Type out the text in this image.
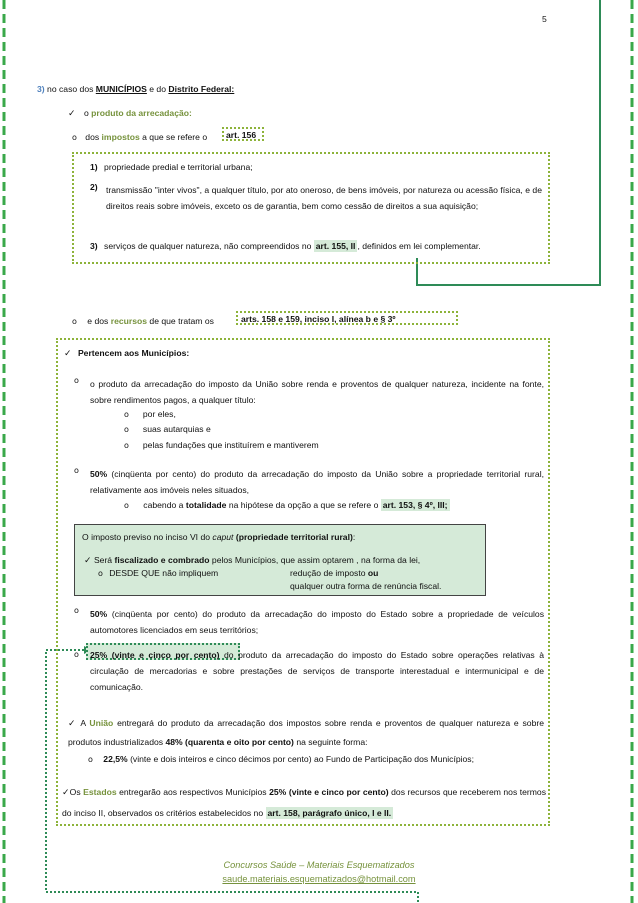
5
3) no caso dos MUNICÍPIOS e do Distrito Federal:
✓ o produto da arrecadação:
o dos impostos a que se refere o	art. 156
1) propriedade predial e territorial urbana;
2) transmissão "inter vivos", a qualquer título, por ato oneroso, de bens imóveis, por natureza ou acessão física, e de direitos reais sobre imóveis, exceto os de garantia, bem como cessão de direitos a sua aquisição;
3) serviços de qualquer natureza, não compreendidos no art. 155, II , definidos em lei complementar.
o e dos recursos de que tratam os	arts. 158 e 159, inciso I, alínea b e § 3º
✓ Pertencem aos Municípios:
o o produto da arrecadação do imposto da União sobre renda e proventos de qualquer natureza, incidente na fonte, sobre rendimentos pagos, a qualquer título:
o por eles,
o suas autarquias e
o pelas fundações que instituírem e mantiverem
o 50% (cinqüenta por cento) do produto da arrecadação do imposto da União sobre a propriedade territorial rural, relativamente aos imóveis neles situados,
o cabendo a totalidade na hipótese da opção a que se refere o art. 153, § 4º, III;
O imposto previso no inciso VI do caput (propriedade territorial rural):
✓ Será fiscalizado e combrado pelos Municípios, que assim optarem , na forma da lei,
o DESDE QUE não impliquem	redução de imposto ou
qualquer outra forma de renúncia fiscal.
o 50% (cinqüenta por cento) do produto da arrecadação do imposto do Estado sobre a propriedade de veículos automotores licenciados em seus territórios;
o 25% (vinte e cinco por cento) do produto da arrecadação do imposto do Estado sobre operações relativas à circulação de mercadorias e sobre prestações de serviços de transporte interestadual e intermunicipal e de comunicação.
✓ A União entregará do produto da arrecadação dos impostos sobre renda e proventos de qualquer natureza e sobre produtos industrializados 48% (quarenta e oito por cento) na seguinte forma:
o 22,5% (vinte e dois inteiros e cinco décimos por cento) ao Fundo de Participação dos Municípios;
✓Os Estados entregarão aos respectivos Municípios 25% (vinte e cinco por cento) dos recursos que receberem nos termos do inciso II, observados os critérios estabelecidos no art. 158, parágrafo único, I e II.
Concursos Saúde – Materiais Esquematizados
saude.materiais.esquematizados@hotmail.com
